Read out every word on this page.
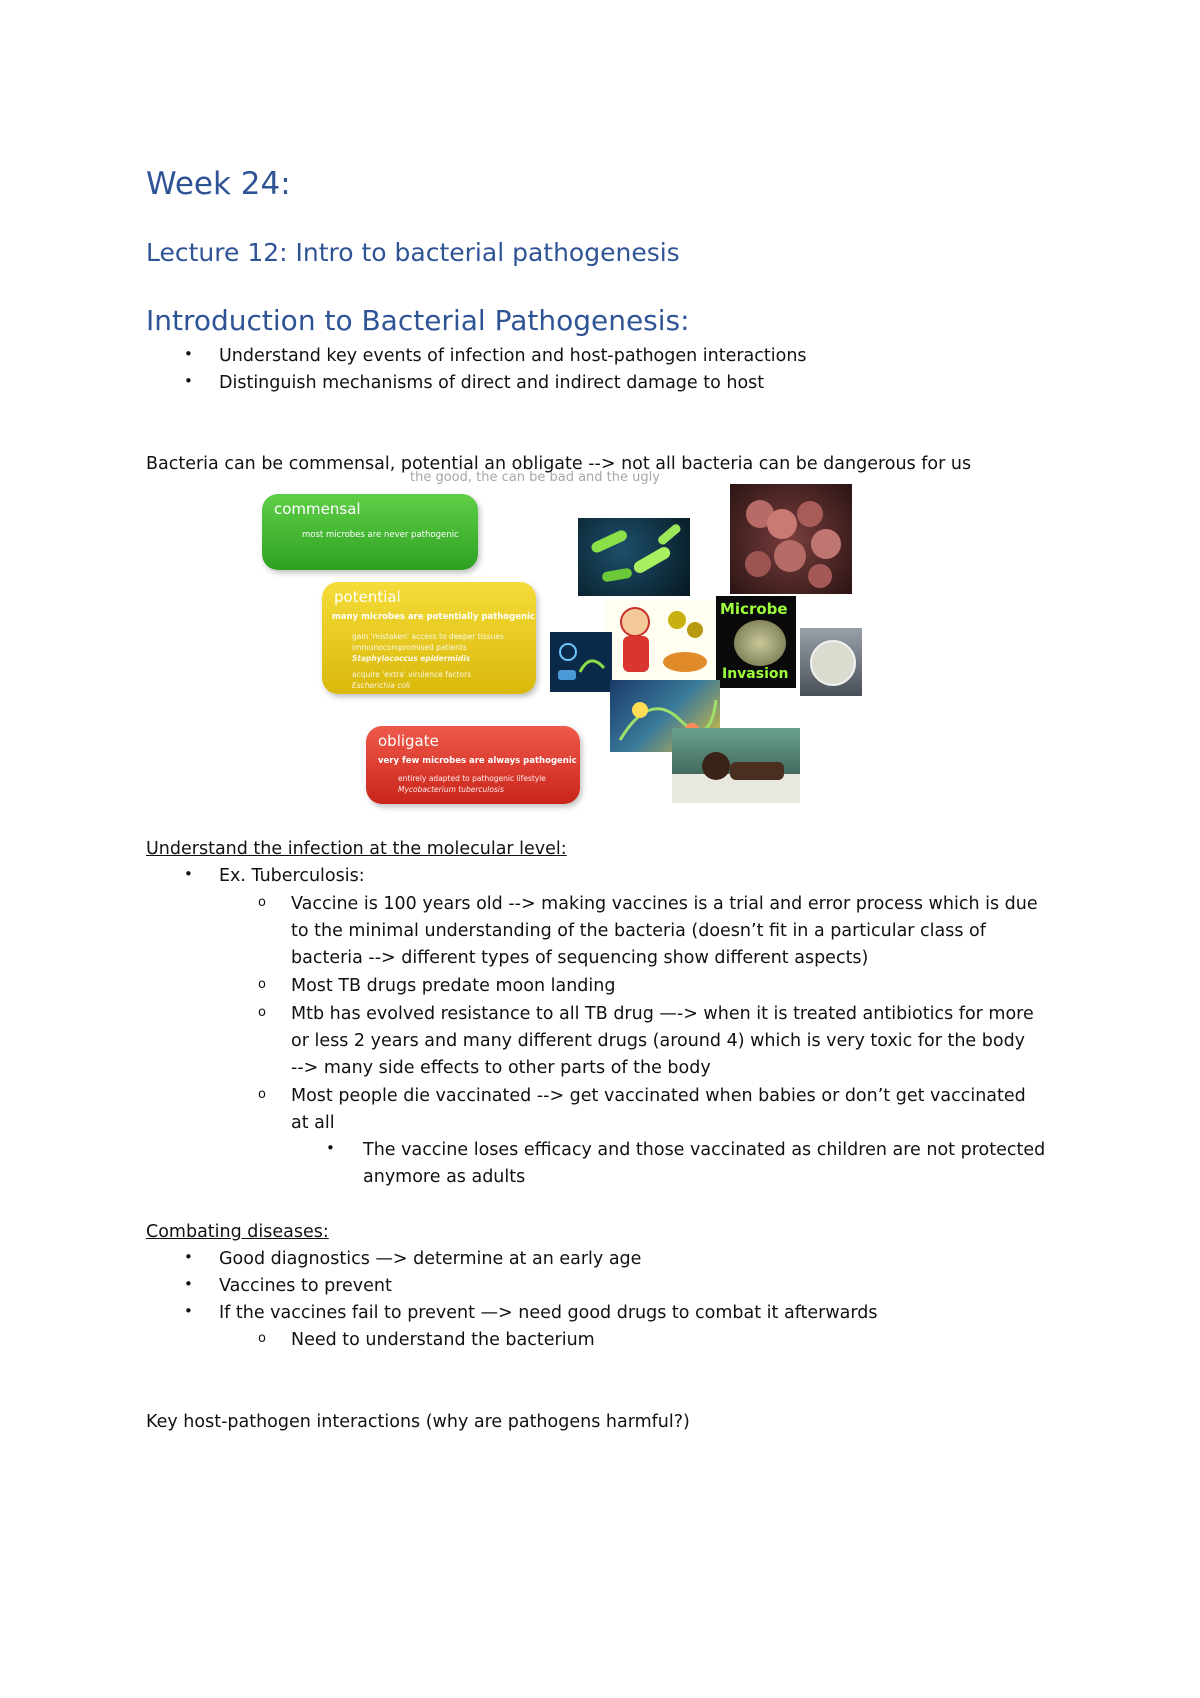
Week 24:
Lecture 12: Intro to bacterial pathogenesis
Introduction to Bacterial Pathogenesis:
• Understand key events of infection and host-pathogen interactions
• Distinguish mechanisms of direct and indirect damage to host
Bacteria can be commensal, potential an obligate --> not all bacteria can be dangerous for us
the good, the can be bad and the ugly
commensal
most microbes are never pathogenic
potential
many microbes are potentially pathogenic
gain 'mistaken' access to deeper tissues
immunocompromised patients
Staphylococcus epidermidis
acquire 'extra' virulence factors
Escherichia coli
obligate
very few microbes are always pathogenic
entirely adapted to pathogenic lifestyle
Mycobacterium tuberculosis
Microbe
Invasion
Understand the infection at the molecular level:
• Ex. Tuberculosis:
o Vaccine is 100 years old --> making vaccines is a trial and error process which is due
to the minimal understanding of the bacteria (doesn’t fit in a particular class of
bacteria --> different types of sequencing show different aspects)
o Most TB drugs predate moon landing
o Mtb has evolved resistance to all TB drug —-> when it is treated antibiotics for more
or less 2 years and many different drugs (around 4) which is very toxic for the body
--> many side effects to other parts of the body
o Most people die vaccinated --> get vaccinated when babies or don’t get vaccinated
at all
• The vaccine loses efficacy and those vaccinated as children are not protected
anymore as adults
Combating diseases:
• Good diagnostics —> determine at an early age
• Vaccines to prevent
• If the vaccines fail to prevent —> need good drugs to combat it afterwards
o Need to understand the bacterium
Key host-pathogen interactions (why are pathogens harmful?)
